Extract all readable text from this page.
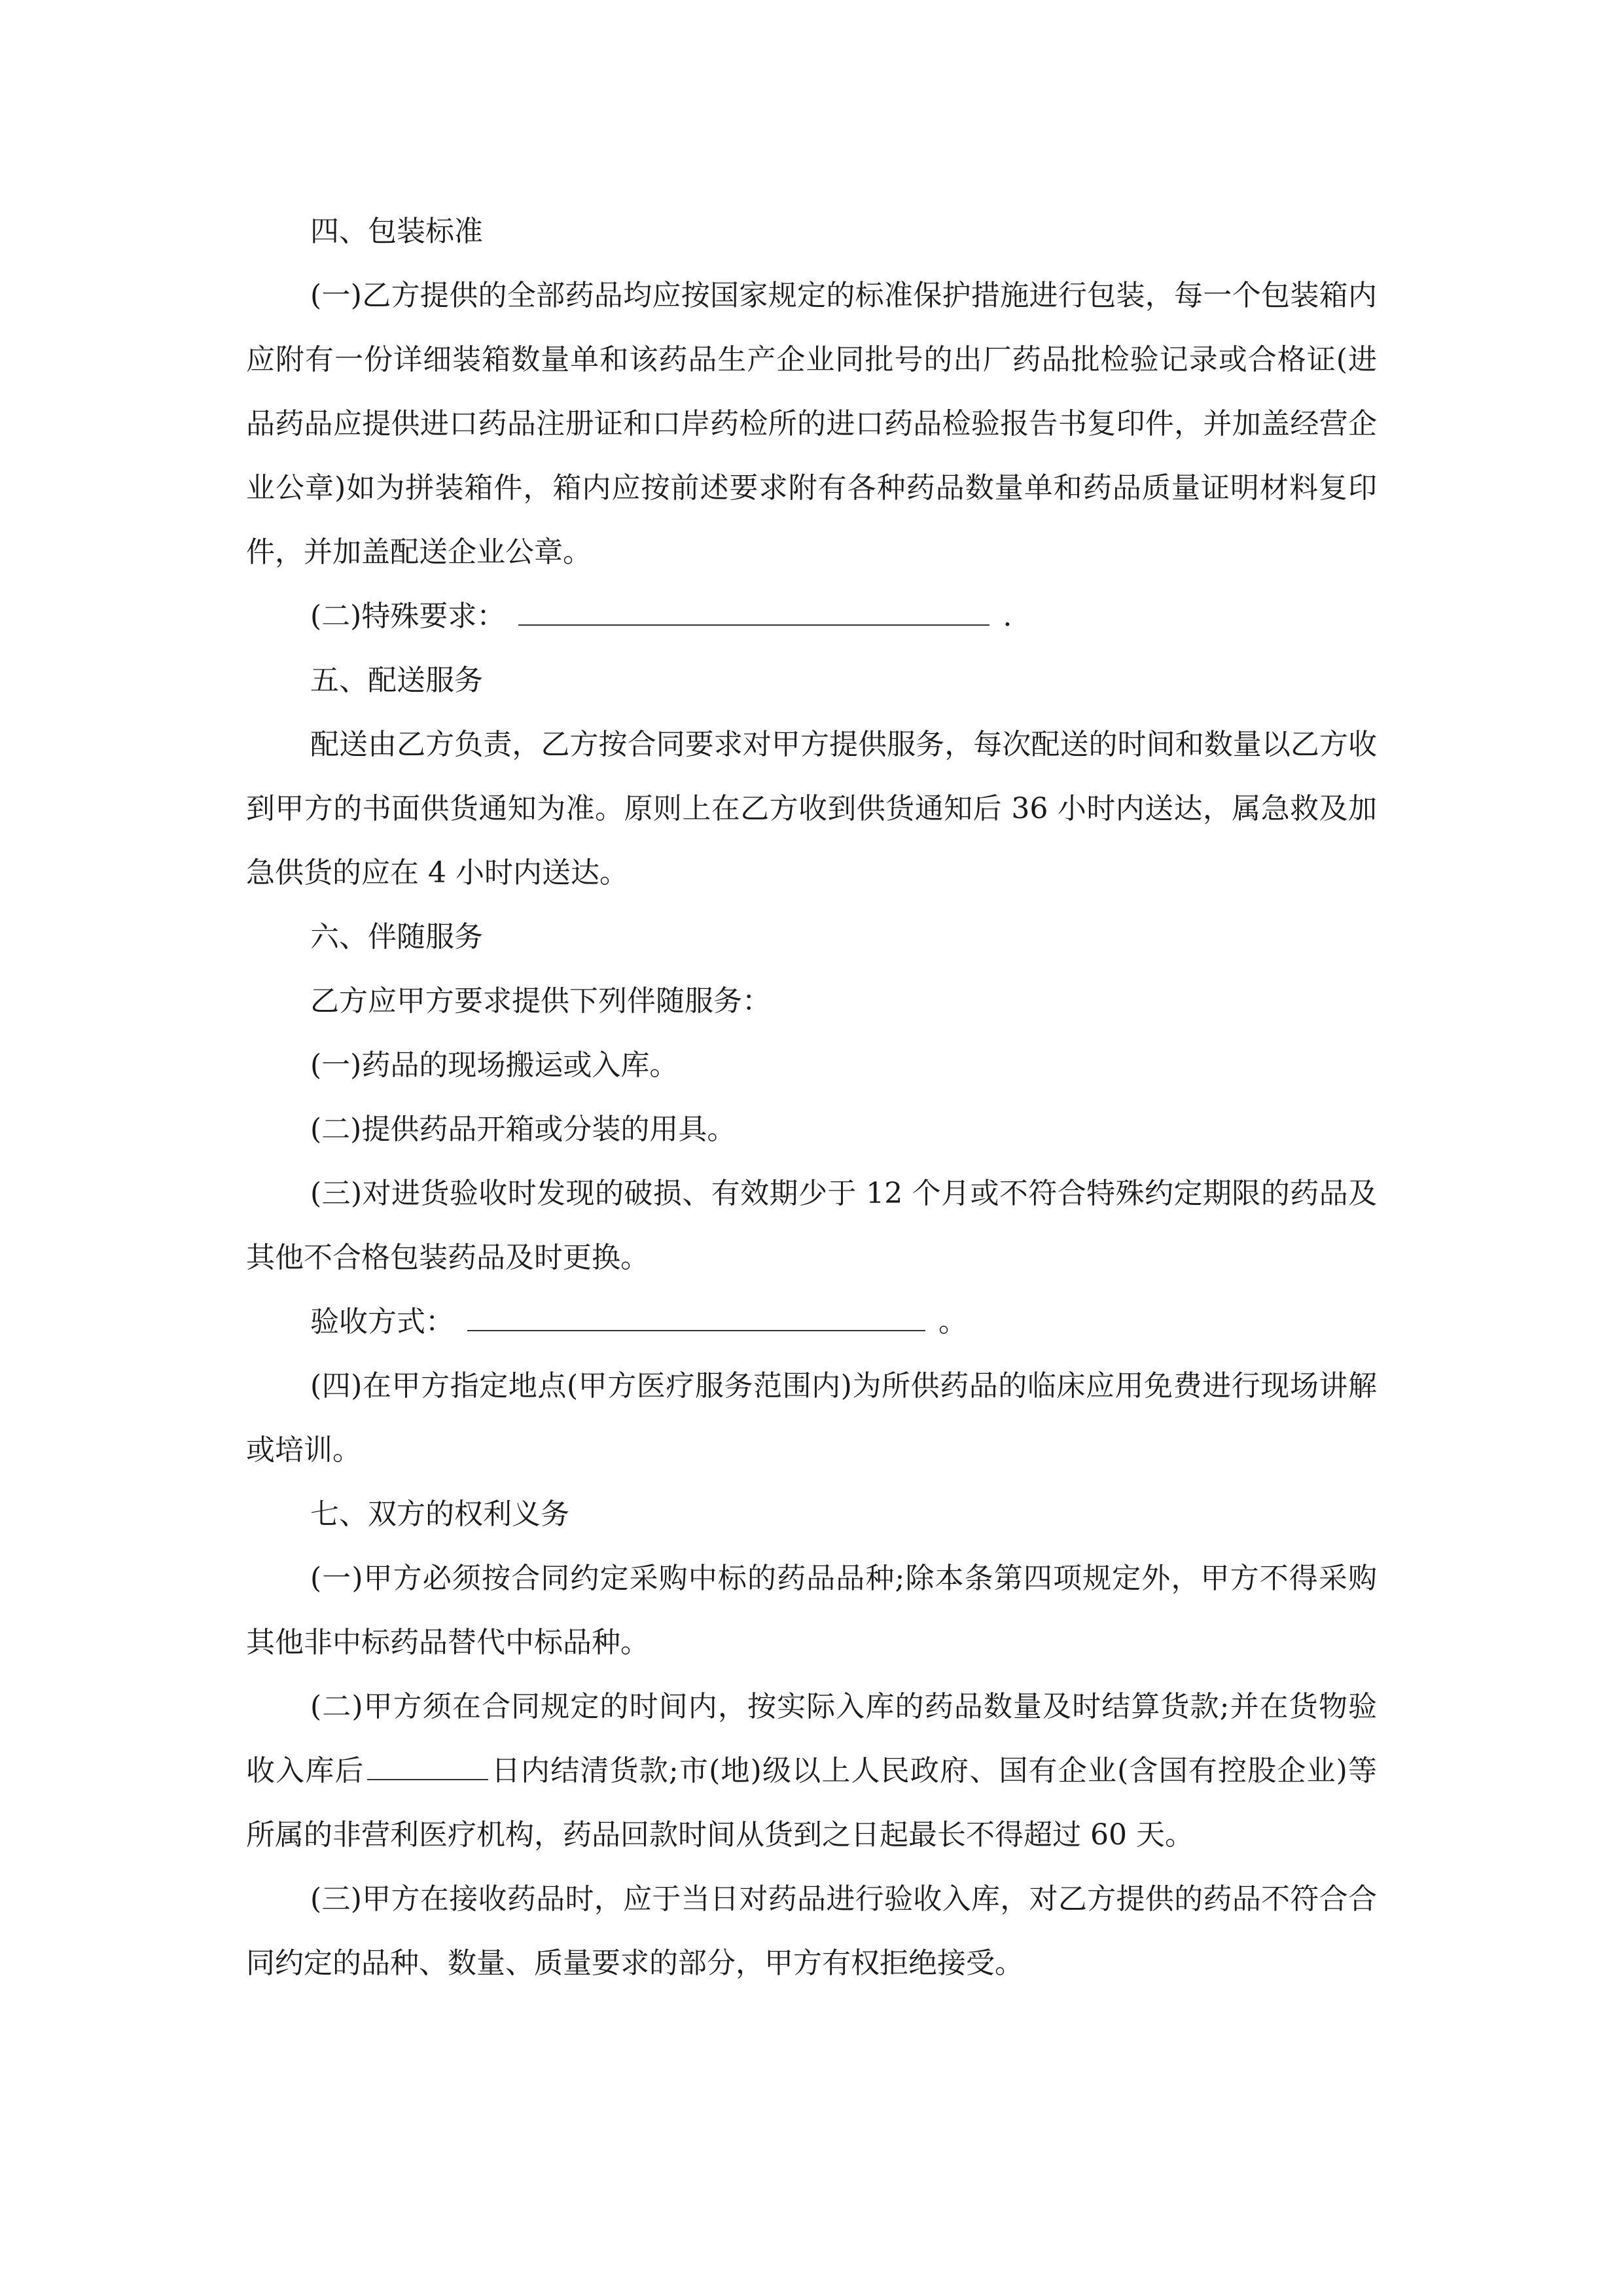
四、包装标准

(一)乙方提供的全部药品均应按国家规定的标准保护措施进行包装，每一个包装箱内应附有一份详细装箱数量单和该药品生产企业同批号的出厂药品批检验记录或合格证(进品药品应提供进口药品注册证和口岸药检所的进口药品检验报告书复印件，并加盖经营企业公章)如为拼装箱件，箱内应按前述要求附有各种药品数量单和药品质量证明材料复印件，并加盖配送企业公章。

(二)特殊要求：	.

五、配送服务

配送由乙方负责，乙方按合同要求对甲方提供服务，每次配送的时间和数量以乙方收到甲方的书面供货通知为准。原则上在乙方收到供货通知后 36 小时内送达，属急救及加急供货的应在 4 小时内送达。

六、伴随服务

乙方应甲方要求提供下列伴随服务：

(一)药品的现场搬运或入库。

(二)提供药品开箱或分装的用具。

(三)对进货验收时发现的破损、有效期少于 12 个月或不符合特殊约定期限的药品及 其他不合格包装药品及时更换。

验收方式：	。

(四)在甲方指定地点(甲方医疗服务范围内)为所供药品的临床应用免费进行现场讲解或培训。

七、双方的权利义务

(一)甲方必须按合同约定采购中标的药品品种;除本条第四项规定外，甲方不得采购其他非中标药品替代中标品种。

(二)甲方须在合同规定的时间内，按实际入库的药品数量及时结算货款;并在货物验收入库后	日内结清货款;市(地)级以上人民政府、国有企业(含国有控股企业)等所属的非营利医疗机构，药品回款时间从货到之日起最长不得超过 60 天。

(三)甲方在接收药品时，应于当日对药品进行验收入库，对乙方提供的药品不符合合同约定的品种、数量、质量要求的部分，甲方有权拒绝接受。
